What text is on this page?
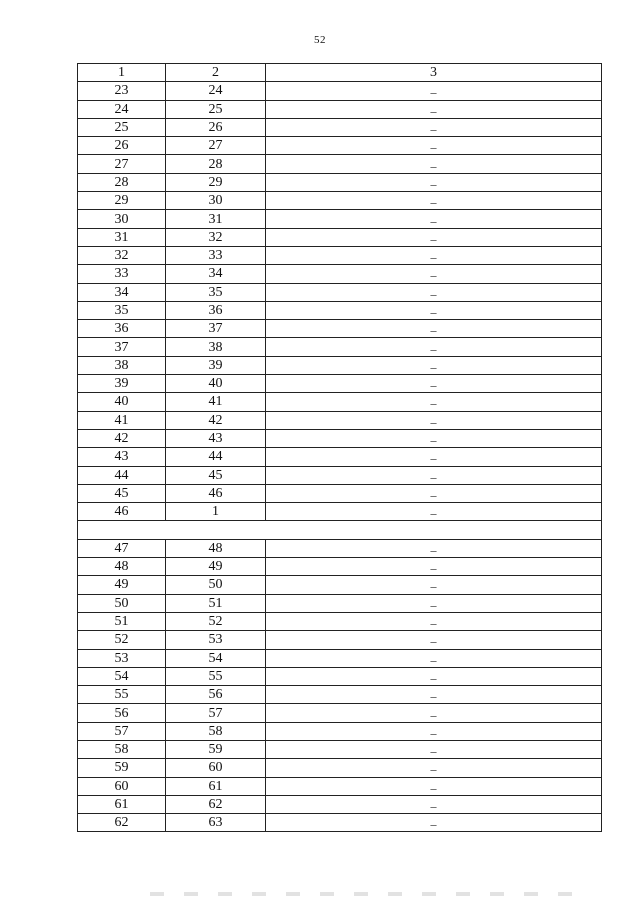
52
1	2	3
23	24	–
24	25	–
25	26	–
26	27	–
27	28	–
28	29	–
29	30	–
30	31	–
31	32	–
32	33	–
33	34	–
34	35	–
35	36	–
36	37	–
37	38	–
38	39	–
39	40	–
40	41	–
41	42	–
42	43	–
43	44	–
44	45	–
45	46	–
46	1	–

47	48	–
48	49	–
49	50	–
50	51	–
51	52	–
52	53	–
53	54	–
54	55	–
55	56	–
56	57	–
57	58	–
58	59	–
59	60	–
60	61	–
61	62	–
62	63	–
